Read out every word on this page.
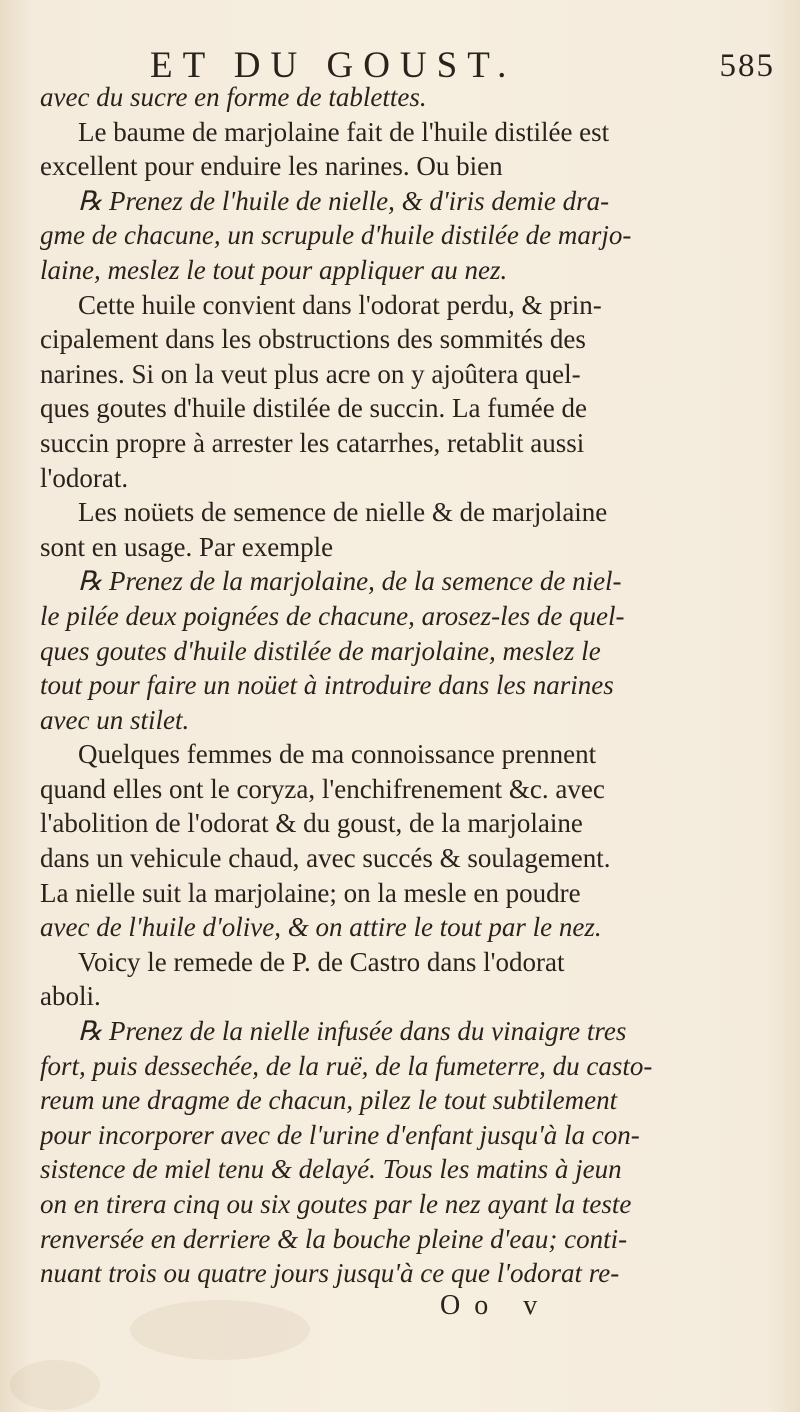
ET DU GOUST.	585
avec du sucre en forme de tablettes.
Le baume de marjolaine fait de l'huile distilée est
excellent pour enduire les narines. Ou bien
℞ Prenez de l'huile de nielle, & d'iris demie dra-
gme de chacune, un scrupule d'huile distilée de marjo-
laine, meslez le tout pour appliquer au nez.
Cette huile convient dans l'odorat perdu, & prin-
cipalement dans les obstructions des sommités des
narines. Si on la veut plus acre on y ajoûtera quel-
ques goutes d'huile distilée de succin. La fumée de
succin propre à arrester les catarrhes, retablit aussi
l'odorat.
Les noüets de semence de nielle & de marjolaine
sont en usage. Par exemple
℞ Prenez de la marjolaine, de la semence de niel-
le pilée deux poignées de chacune, arosez-les de quel-
ques goutes d'huile distilée de marjolaine, meslez le
tout pour faire un noüet à introduire dans les narines
avec un stilet.
Quelques femmes de ma connoissance prennent
quand elles ont le coryza, l'enchifrenement &c. avec
l'abolition de l'odorat & du goust, de la marjolaine
dans un vehicule chaud, avec succés & soulagement.
La nielle suit la marjolaine; on la mesle en poudre
avec de l'huile d'olive, & on attire le tout par le nez.
Voicy le remede de P. de Castro dans l'odorat
aboli.
℞ Prenez de la nielle infusée dans du vinaigre tres
fort, puis dessechée, de la ruë, de la fumeterre, du casto-
reum une dragme de chacun, pilez le tout subtilement
pour incorporer avec de l'urine d'enfant jusqu'à la con-
sistence de miel tenu & delayé. Tous les matins à jeun
on en tirera cinq ou six goutes par le nez ayant la teste
renversée en derriere & la bouche pleine d'eau; conti-
nuant trois ou quatre jours jusqu'à ce que l'odorat re-
Oo v
